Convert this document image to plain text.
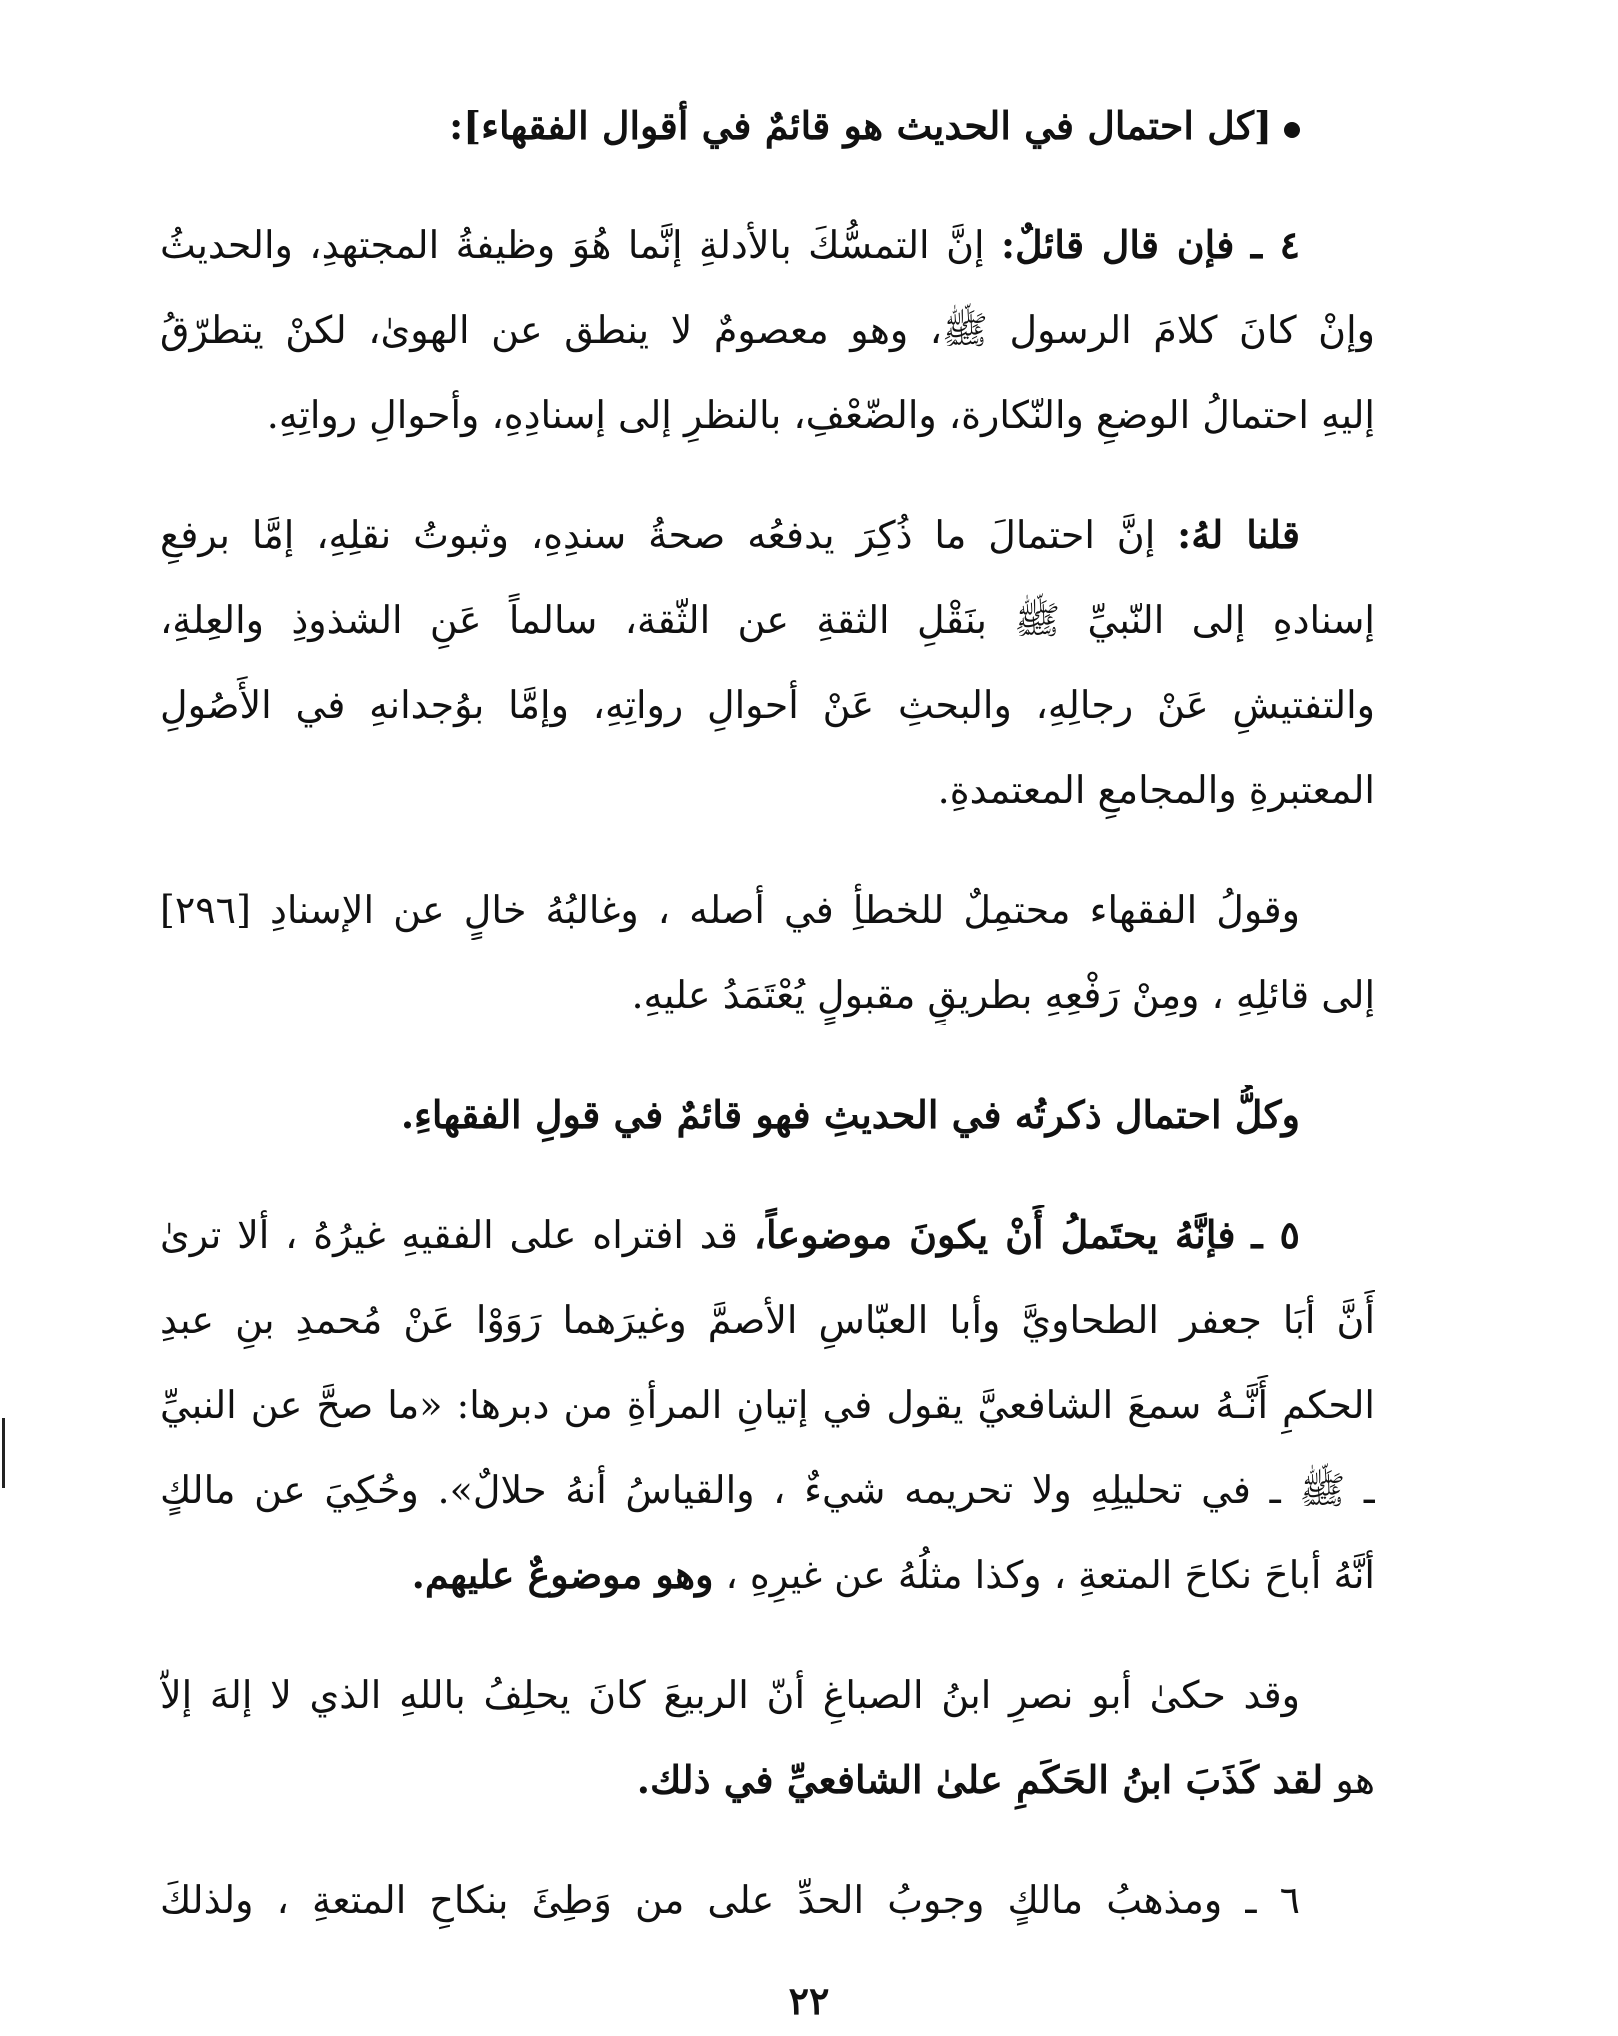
[كل احتمال في الحديث هو قائمٌ في أقوال الفقهاء]:
٤ ـ فإن قال قائلٌ: إنَّ التمسُّكَ بالأدلةِ إنَّما هُوَ وظيفةُ المجتهدِ، والحديثُ
وإنْ كانَ كلامَ الرسول ﷺ، وهو معصومٌ لا ينطق عن الهوىٰ، لكنْ يتطرّقُ
إليهِ احتمالُ الوضعِ والنّكارة، والضّعْفِ، بالنظرِ إلى إسنادِهِ، وأحوالِ رواتِهِ.
قلنا لهُ: إنَّ احتمالَ ما ذُكِرَ يدفعُه صحةُ سندِهِ، وثبوتُ نقلِهِ، إمَّا برفعِ
إسنادهِ إلى النّبيِّ ﷺ بنَقْلِ الثقةِ عن الثّقة، سالماً عَنِ الشذوذِ والعِلةِ،
والتفتيشِ عَنْ رجالِهِ، والبحثِ عَنْ أحوالِ رواتِهِ، وإمَّا بوُجدانهِ في الأَصُولِ
المعتبرةِ والمجامعِ المعتمدةِ.
وقولُ الفقهاء محتمِلٌ للخطأِ في أصله ، وغالبُهُ خالٍ عن الإسنادِ [٢٩٦]
إلى قائلِهِ ، ومِنْ رَفْعِهِ بطريقٍ مقبولٍ يُعْتَمَدُ عليهِ.
وكلُّ احتمال ذكرتُه في الحديثِ فهو قائمٌ في قولِ الفقهاءِ.
٥ ـ فإنَّهُ يحتَملُ أَنْ يكونَ موضوعاً، قد افتراه على الفقيهِ غيرُهُ ، ألا ترىٰ
أَنَّ أبَا جعفر الطحاويَّ وأبا العبّاسِ الأصمَّ وغيرَهما رَوَوْا عَنْ مُحمدِ بنِ عبدِ
الحكمِ أَنَّـهُ سمعَ الشافعيَّ يقول في إتيانِ المرأةِ من دبرها: «ما صحَّ عن النبيِّ
ـ ﷺ ـ في تحليلِهِ ولا تحريمه شيءٌ ، والقياسُ أنهُ حلالٌ». وحُكِيَ عن مالكٍ
أنَّهُ أباحَ نكاحَ المتعةِ ، وكذا مثلُهُ عن غيرِهِ ، وهو موضوعٌ عليهم.
وقد حكىٰ أبو نصرِ ابنُ الصباغِ أنّ الربيعَ كانَ يحلِفُ باللهِ الذي لا إلهَ إلاّ
هو لقد كَذَبَ ابنُ الحَكَمِ علىٰ الشافعيِّ في ذلك.
٦ ـ ومذهبُ مالكٍ وجوبُ الحدِّ على من وَطِئَ بنكاحِ المتعةِ ، ولذلكَ
٢٢
